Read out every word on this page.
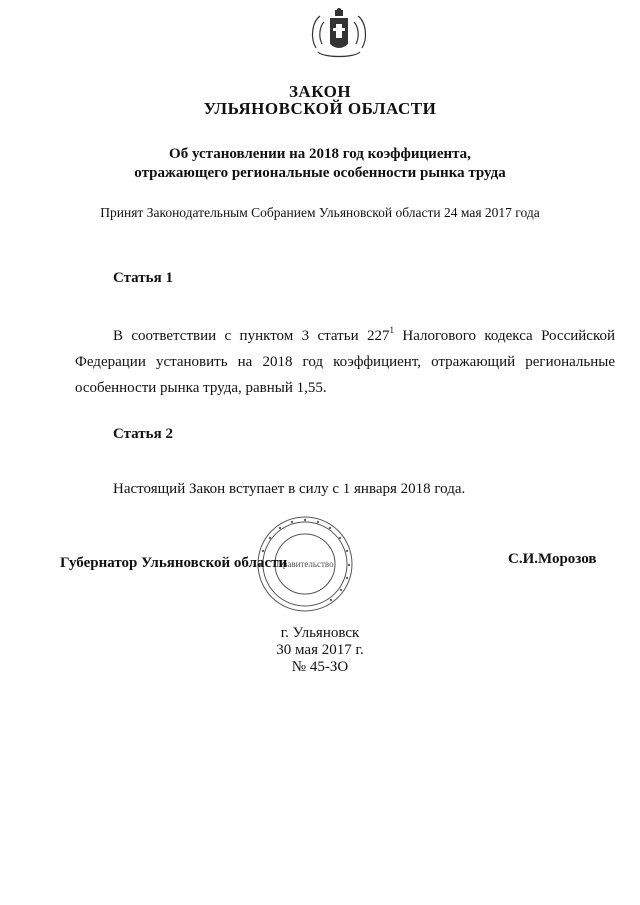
ЗАКОН
УЛЬЯНОВСКОЙ ОБЛАСТИ
Об установлении на 2018 год коэффициента,
отражающего региональные особенности рынка труда
Принят Законодательным Собранием Ульяновской области 24 мая 2017 года
Статья 1
В соответствии с пунктом 3 статьи $227^1$ Налогового кодекса Российской Федерации установить на 2018 год коэффициент, отражающий региональные особенности рынка труда, равный 1,55.
Статья 2
Настоящий Закон вступает в силу с 1 января 2018 года.
Правительство
Губернатор Ульяновской области	С.И.Морозов
г. Ульяновск
30 мая 2017 г.
№ 45-ЗО
